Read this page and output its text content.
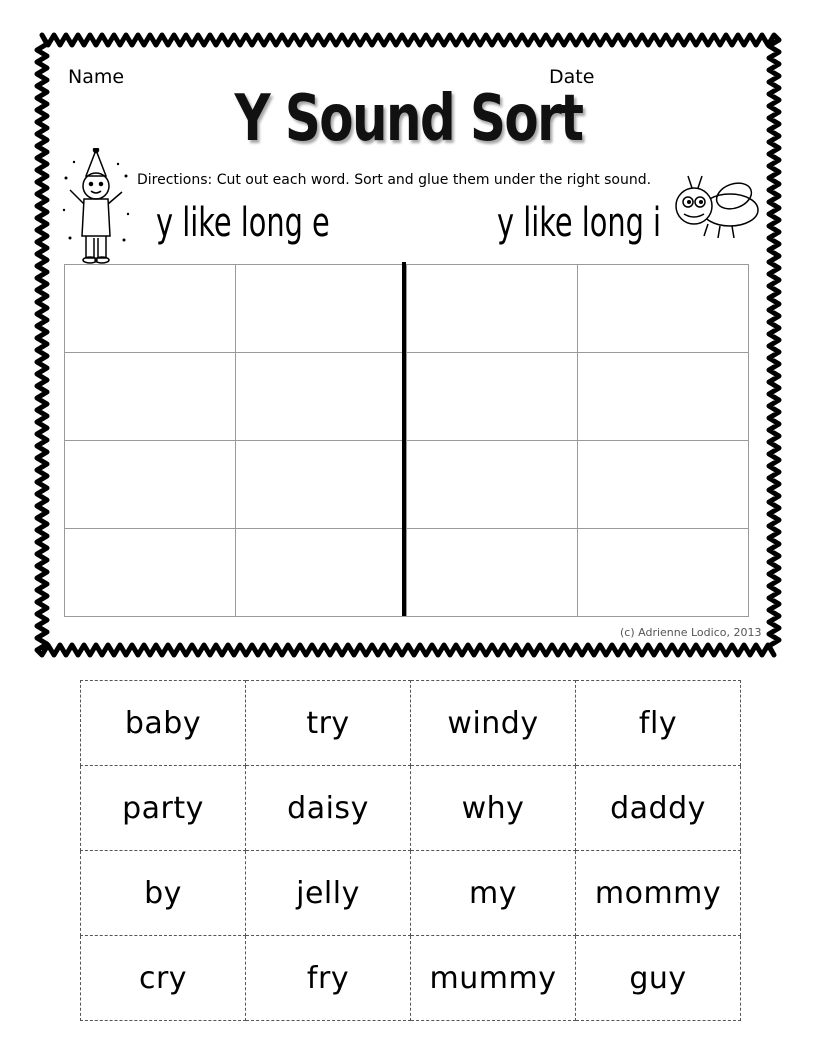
Name	Date
Y Sound Sort
Directions: Cut out each word. Sort and glue them under the right sound.
y like long e	y like long i

(c) Adrienne Lodico, 2013
baby	try	windy	fly
party	daisy	why	daddy
by	jelly	my	mommy
cry	fry	mummy	guy
